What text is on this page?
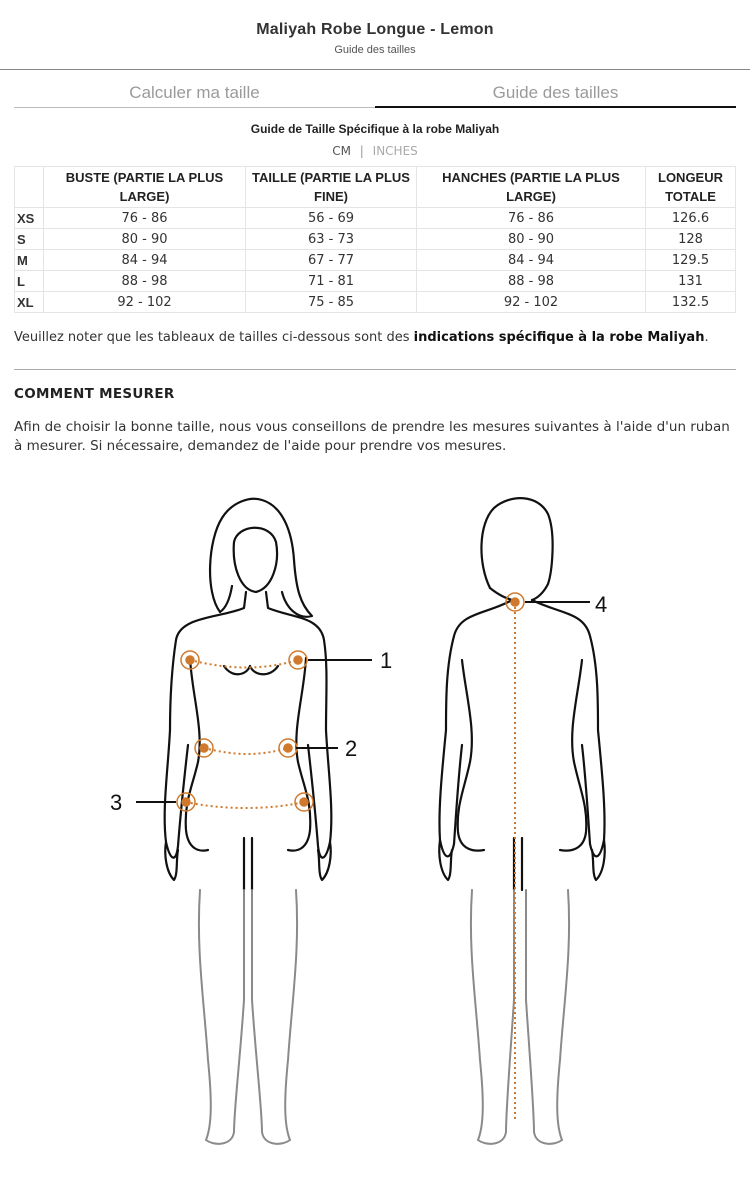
Maliyah Robe Longue - Lemon
Guide des tailles
Calculer ma taille	Guide des tailles
Guide de Taille Spécifique à la robe Maliyah
CM | INCHES
	BUSTE (PARTIE LA PLUS LARGE)	TAILLE (PARTIE LA PLUS FINE)	HANCHES (PARTIE LA PLUS LARGE)	LONGEUR TOTALE
XS	76 - 86	56 - 69	76 - 86	126.6
S	80 - 90	63 - 73	80 - 90	128
M	84 - 94	67 - 77	84 - 94	129.5
L	88 - 98	71 - 81	88 - 98	131
XL	92 - 102	75 - 85	92 - 102	132.5
Veuillez noter que les tableaux de tailles ci-dessous sont des indications spécifique à la robe Maliyah.
COMMENT MESURER
Afin de choisir la bonne taille, nous vous conseillons de prendre les mesures suivantes à l'aide d'un ruban à mesurer. Si nécessaire, demandez de l'aide pour prendre vos mesures.
1
2
3
4
